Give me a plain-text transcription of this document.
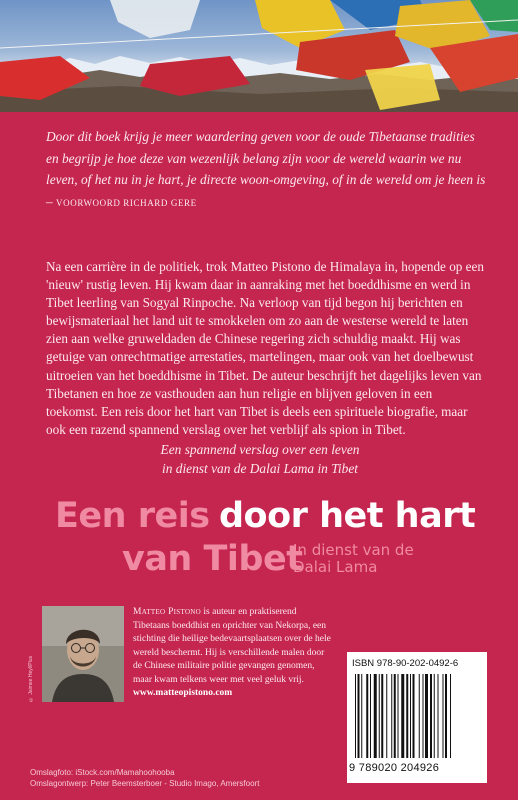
Door dit boek krijg je meer waardering geven voor de oude Tibetaanse tradities en begrijp je hoe deze van wezenlijk belang zijn voor de wereld waarin we nu leven, of het nu in je hart, je directe woon-omgeving, of in de wereld om je heen is – VOORWOORD RICHARD GERE
Na een carrière in de politiek, trok Matteo Pistono de Himalaya in, hopende op een 'nieuw' rustig leven. Hij kwam daar in aanraking met het boeddhisme en werd in Tibet leerling van Sogyal Rinpoche. Na verloop van tijd begon hij berichten en bewijsmateriaal het land uit te smokkelen om zo aan de westerse wereld te laten zien aan welke gruweldaden de Chinese regering zich schuldig maakt. Hij was getuige van onrechtmatige arrestaties, martelingen, maar ook van het doelbewust uitroeien van het boeddhisme in Tibet. De auteur beschrijft het dagelijks leven van Tibetanen en hoe ze vasthouden aan hun religie en blijven geloven in een toekomst. Een reis door het hart van Tibet is deels een spirituele biografie, maar ook een razend spannend verslag over het verblijf als spion in Tibet.
Een spannend verslag over een leven
in dienst van de Dalai Lama in Tibet
Een reis door het hart
van Tibet
In dienst van de
Dalai Lama
© Jaimee Heyl/Plus
Matteo Pistono is auteur en praktiserend Tibetaans boeddhist en oprichter van Nekorpa, een stichting die heilige bedevaartsplaatsen over de hele wereld beschermt. Hij is verschillende malen door de Chinese militaire politie gevangen genomen, maar kwam telkens weer met veel geluk vrij. www.matteopistono.com
ISBN 978-90-202-0492-6
9 789020 204926
Omslagfoto: iStock.com/Mamahoohooba
Omslagontwerp: Peter Beemsterboer - Studio Imago, Amersfoort
